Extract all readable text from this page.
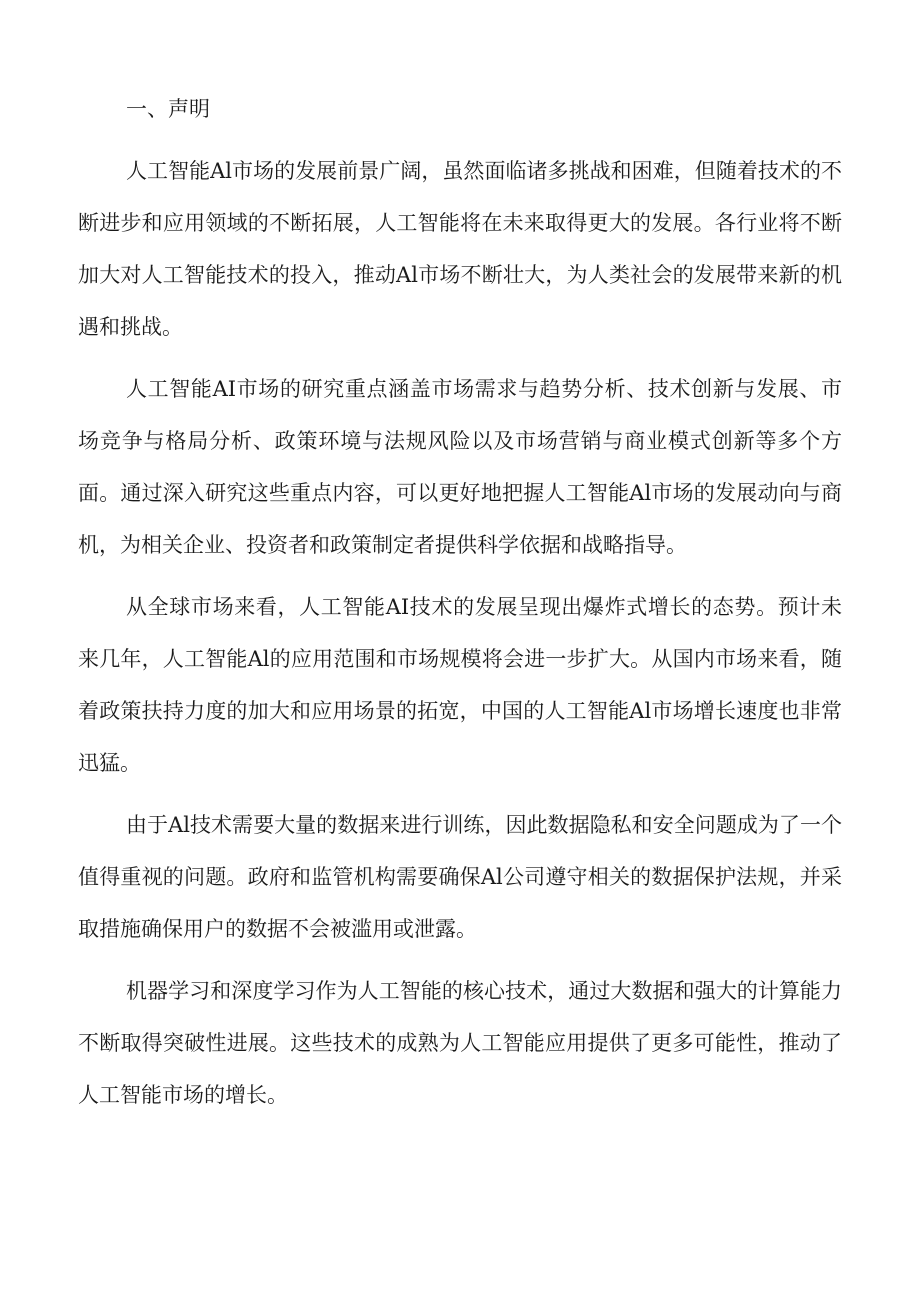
一、声明

人工智能Al市场的发展前景广阔，虽然面临诸多挑战和困难，但随着技术的不断进步和应用领域的不断拓展，人工智能将在未来取得更大的发展。各行业将不断加大对人工智能技术的投入，推动Al市场不断壮大，为人类社会的发展带来新的机遇和挑战。

人工智能AI市场的研究重点涵盖市场需求与趋势分析、技术创新与发展、市场竞争与格局分析、政策环境与法规风险以及市场营销与商业模式创新等多个方面。通过深入研究这些重点内容，可以更好地把握人工智能Al市场的发展动向与商机，为相关企业、投资者和政策制定者提供科学依据和战略指导。

从全球市场来看，人工智能AI技术的发展呈现出爆炸式增长的态势。预计未来几年，人工智能Al的应用范围和市场规模将会进一步扩大。从国内市场来看，随着政策扶持力度的加大和应用场景的拓宽，中国的人工智能Al市场增长速度也非常迅猛。

由于Al技术需要大量的数据来进行训练，因此数据隐私和安全问题成为了一个值得重视的问题。政府和监管机构需要确保Al公司遵守相关的数据保护法规，并采取措施确保用户的数据不会被滥用或泄露。

机器学习和深度学习作为人工智能的核心技术，通过大数据和强大的计算能力不断取得突破性进展。这些技术的成熟为人工智能应用提供了更多可能性，推动了人工智能市场的增长。
